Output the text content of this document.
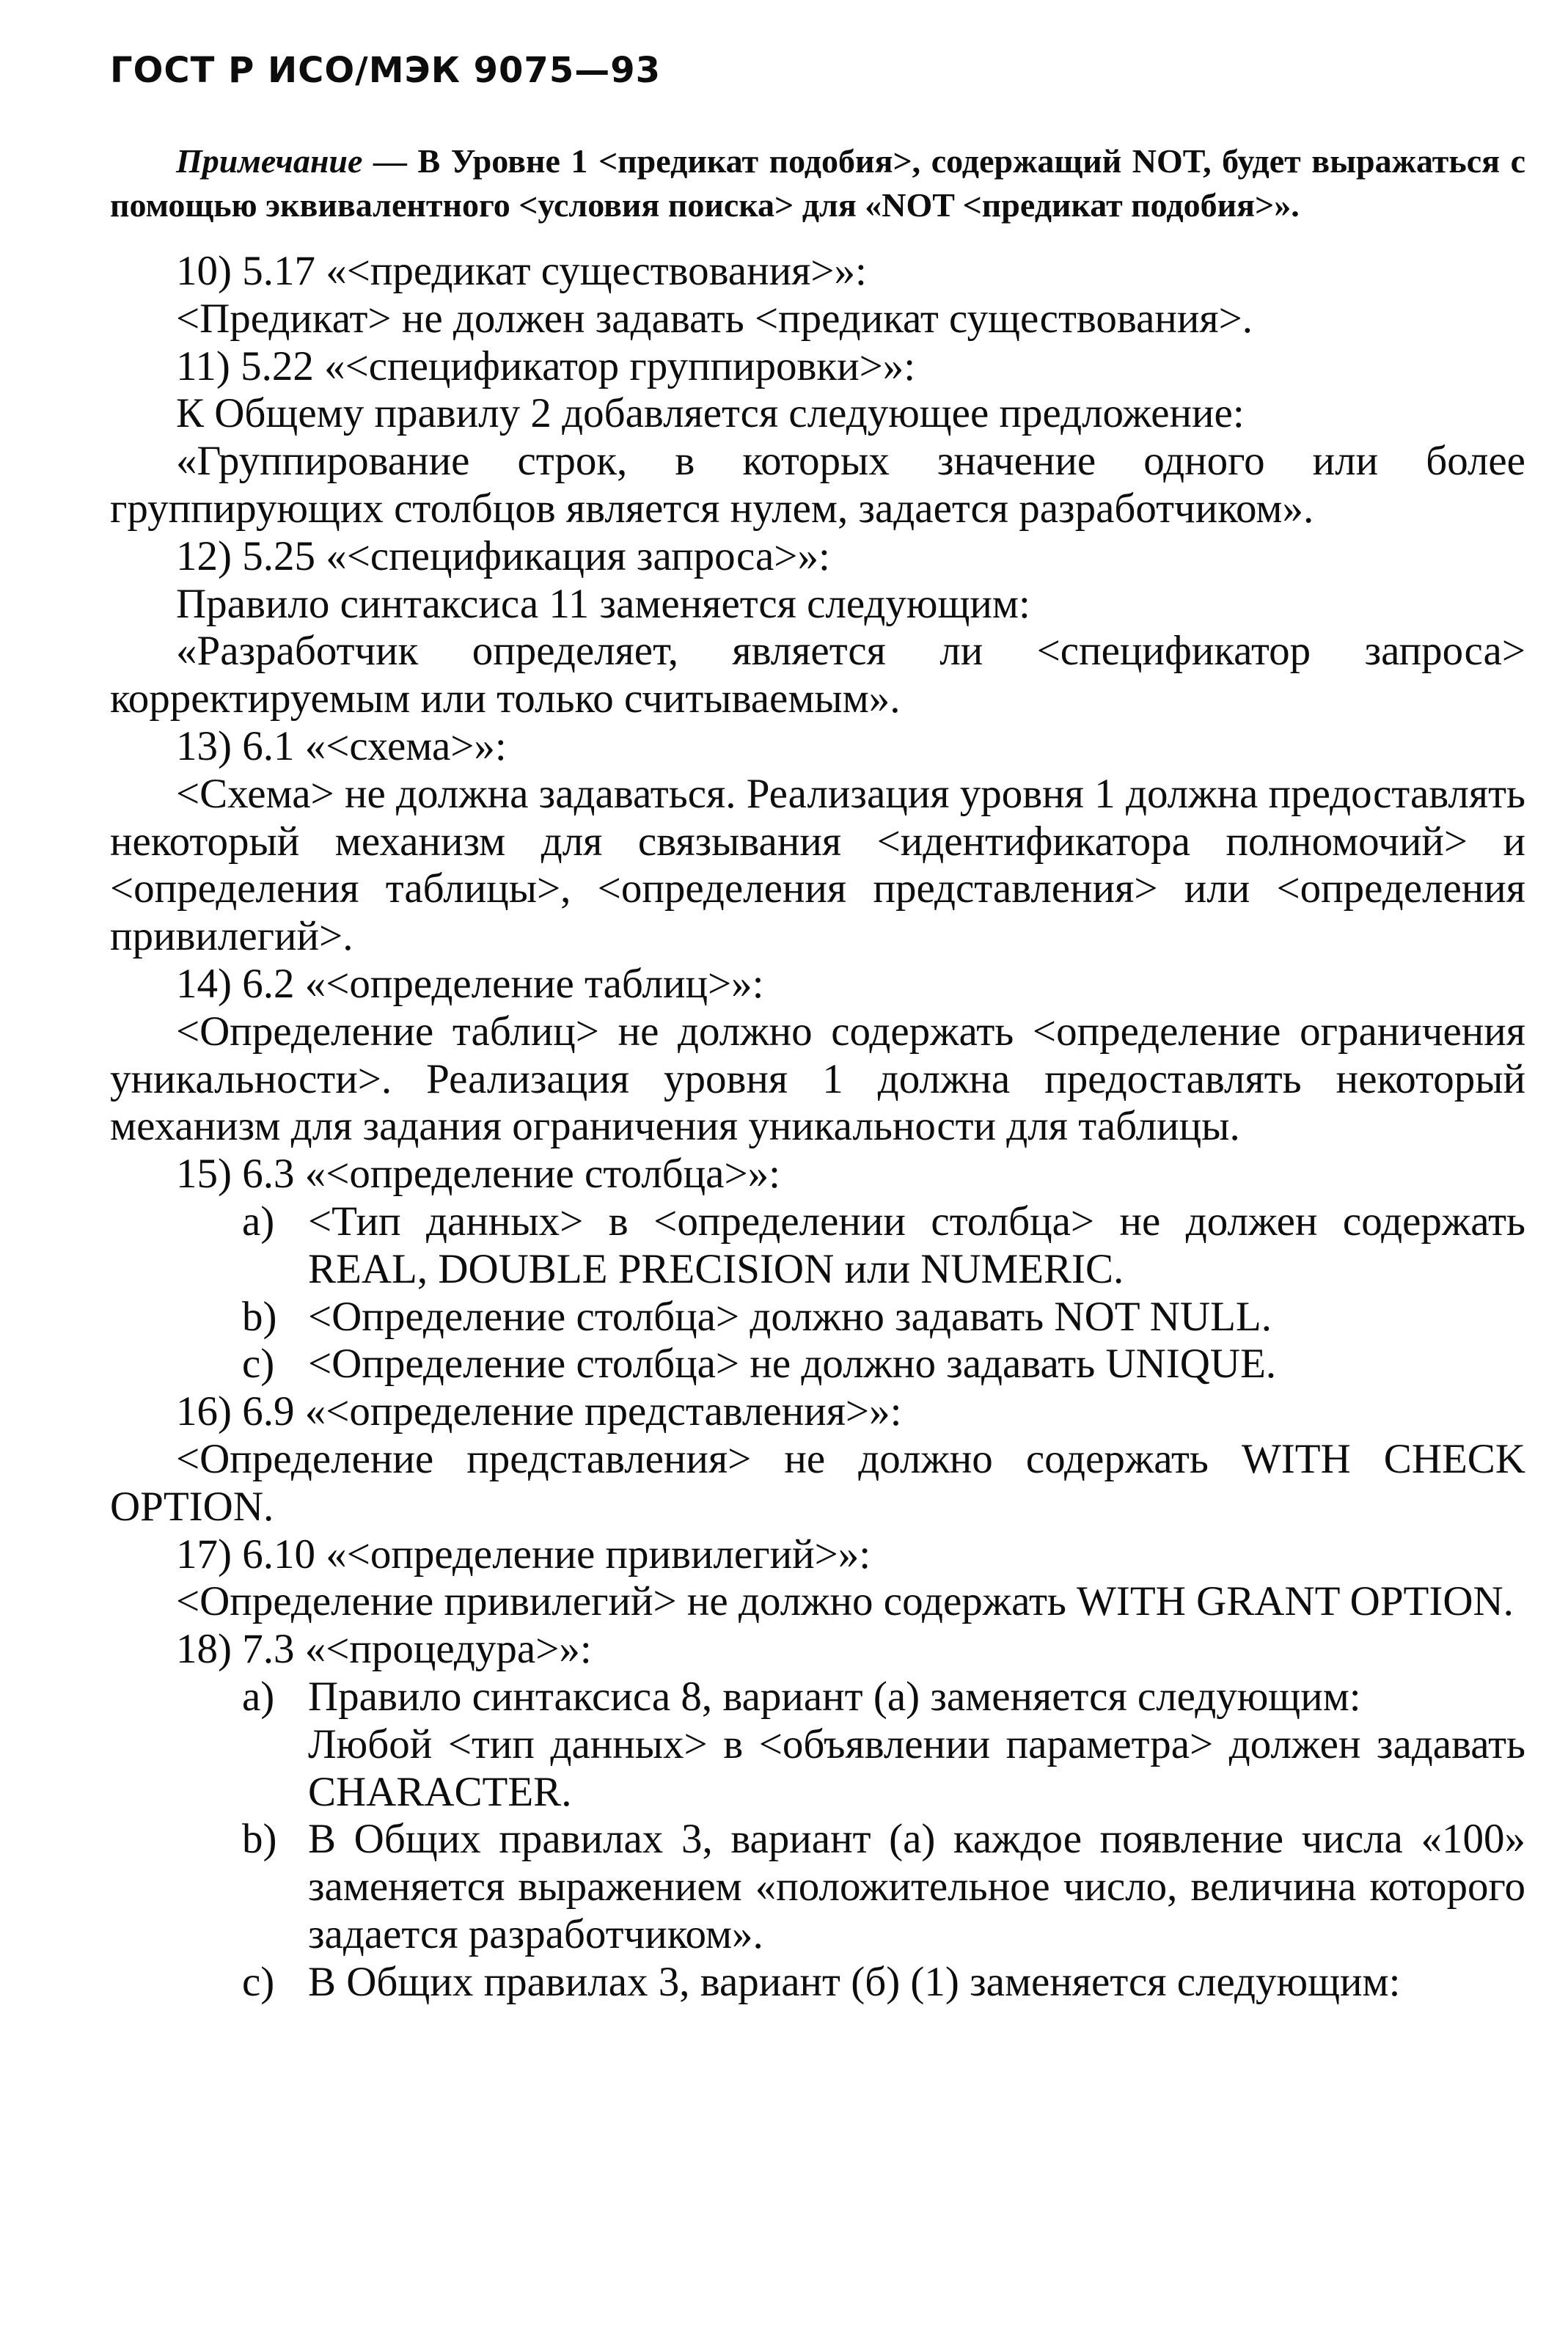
ГОСТ Р ИСО/МЭК 9075—93

Примечание — В Уровне 1 <предикат подобия>, содержащий NOT, будет выражаться с помощью эквивалентного <условия поиска> для «NOT <предикат подобия>».

10) 5.17 «<предикат существования>»:

<Предикат> не должен задавать <предикат существования>.

11) 5.22 «<спецификатор группировки>»:

К Общему правилу 2 добавляется следующее предложение:

«Группирование строк, в которых значение одного или более группирующих столбцов является нулем, задается разработчиком».

12) 5.25 «<спецификация запроса>»:

Правило синтаксиса 11 заменяется следующим:

«Разработчик определяет, является ли <спецификатор запроса> корректируемым или только считываемым».

13) 6.1 «<схема>»:

<Схема> не должна задаваться. Реализация уровня 1 должна предоставлять некоторый механизм для связывания <идентификатора полномочий> и <определения таблицы>, <определения представления> или <определения привилегий>.

14) 6.2 «<определение таблиц>»:

<Определение таблиц> не должно содержать <определение ограничения уникальности>. Реализация уровня 1 должна предоставлять некоторый механизм для задания ограничения уникальности для таблицы.

15) 6.3 «<определение столбца>»:

a) <Тип данных> в <определении столбца> не должен содержать REAL, DOUBLE PRECISION или NUMERIC.
b) <Определение столбца> должно задавать NOT NULL.
c) <Определение столбца> не должно задавать UNIQUE.

16) 6.9 «<определение представления>»:

<Определение представления> не должно содержать WITH CHECK OPTION.

17) 6.10 «<определение привилегий>»:

<Определение привилегий> не должно содержать WITH GRANT OPTION.

18) 7.3 «<процедура>»:

a) Правило синтаксиса 8, вариант (а) заменяется следующим:
Любой <тип данных> в <объявлении параметра> должен задавать CHARACTER.
b) В Общих правилах 3, вариант (а) каждое появление числа «100» заменяется выражением «положительное число, величина которого задается разработчиком».
c) В Общих правилах 3, вариант (б) (1) заменяется следующим:
